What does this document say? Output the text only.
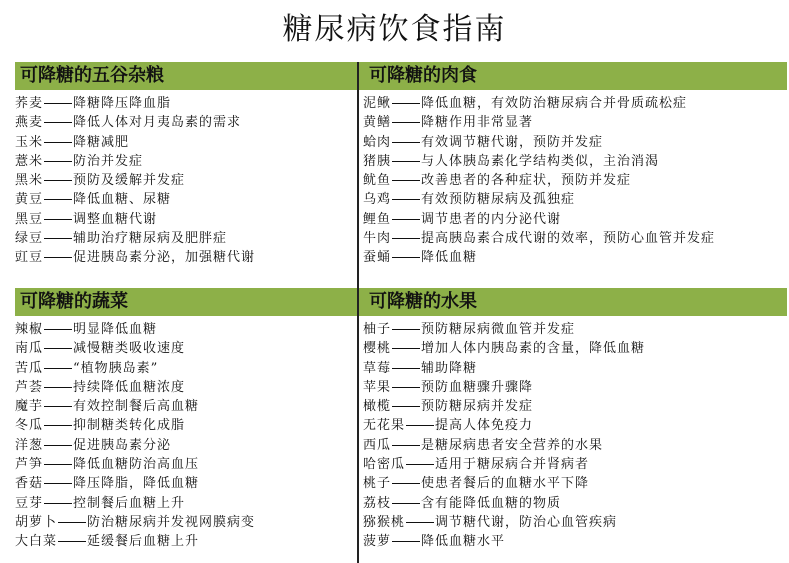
糖尿病饮食指南
可降糖的五谷杂粮
荞麦 降糖降压降血脂
燕麦 降低人体对月夷岛素的需求
玉米 降糖减肥
薏米 防治并发症
黑米 预防及缓解并发症
黄豆 降低血糖、尿糖
黑豆 调整血糖代谢
绿豆 辅助治疗糖尿病及肥胖症
豇豆 促进胰岛素分泌，加强糖代谢
可降糖的肉食
泥鳅 降低血糖，有效防治糖尿病合并骨质疏松症
黄鳝 降糖作用非常显著
蛤肉 有效调节糖代谢，预防并发症
猪胰 与人体胰岛素化学结构类似，主治消渴
鱿鱼 改善患者的各种症状，预防并发症
乌鸡 有效预防糖尿病及孤独症
鲤鱼 调节患者的内分泌代谢
牛肉 提高胰岛素合成代谢的效率，预防心血管并发症
蚕蛹 降低血糖
可降糖的蔬菜
辣椒 明显降低血糖
南瓜 减慢糖类吸收速度
苦瓜 “植物胰岛素”
芦荟 持续降低血糖浓度
魔芋 有效控制餐后高血糖
冬瓜 抑制糖类转化成脂
洋葱 促进胰岛素分泌
芦笋 降低血糖防治高血压
香菇 降压降脂，降低血糖
豆芽 控制餐后血糖上升
胡萝卜 防治糖尿病并发视网膜病变
大白菜 延缓餐后血糖上升
可降糖的水果
柚子 预防糖尿病微血管并发症
樱桃 增加人体内胰岛素的含量，降低血糖
草莓 辅助降糖
苹果 预防血糖骤升骤降
橄榄 预防糖尿病并发症
无花果 提高人体免疫力
西瓜 是糖尿病患者安全营养的水果
哈密瓜 适用于糖尿病合并肾病者
桃子 使患者餐后的血糖水平下降
荔枝 含有能降低血糖的物质
猕猴桃 调节糖代谢，防治心血管疾病
菠萝 降低血糖水平
